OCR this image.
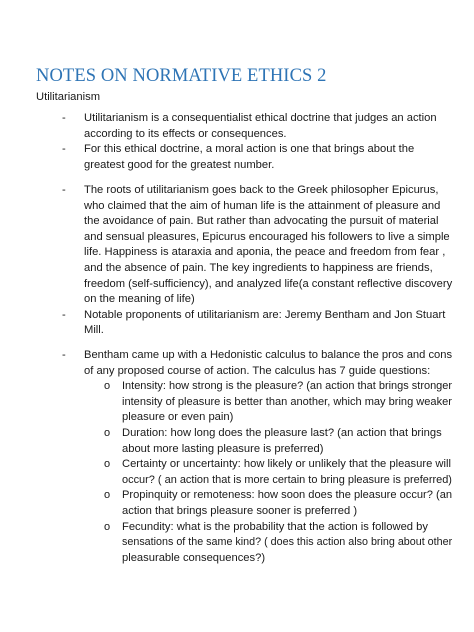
NOTES ON NORMATIVE ETHICS 2
Utilitarianism
- Utilitarianism is a consequentialist ethical doctrine that judges an action
according to its effects or consequences.
- For this ethical doctrine, a moral action is one that brings about the
greatest good for the greatest number.
- The roots of utilitarianism goes back to the Greek philosopher Epicurus,
who claimed that the aim of human life is the attainment of pleasure and
the avoidance of pain. But rather than advocating the pursuit of material
and sensual pleasures, Epicurus encouraged his followers to live a simple
life. Happiness is ataraxia and aponia, the peace and freedom from fear ,
and the absence of pain. The key ingredients to happiness are friends,
freedom (self-sufficiency), and analyzed life(a constant reflective discovery
on the meaning of life)
- Notable proponents of utilitarianism are: Jeremy Bentham and Jon Stuart
Mill.
- Bentham came up with a Hedonistic calculus to balance the pros and cons
of any proposed course of action. The calculus has 7 guide questions:
o Intensity: how strong is the pleasure? (an action that brings stronger
intensity of pleasure is better than another, which may bring weaker
pleasure or even pain)
o Duration: how long does the pleasure last? (an action that brings
about more lasting pleasure is preferred)
o Certainty or uncertainty: how likely or unlikely that the pleasure will
occur? ( an action that is more certain to bring pleasure is preferred)
o Propinquity or remoteness: how soon does the pleasure occur? (an
action that brings pleasure sooner is preferred )
o Fecundity: what is the probability that the action is followed by
sensations of the same kind? ( does this action also bring about other
pleasurable consequences?)
